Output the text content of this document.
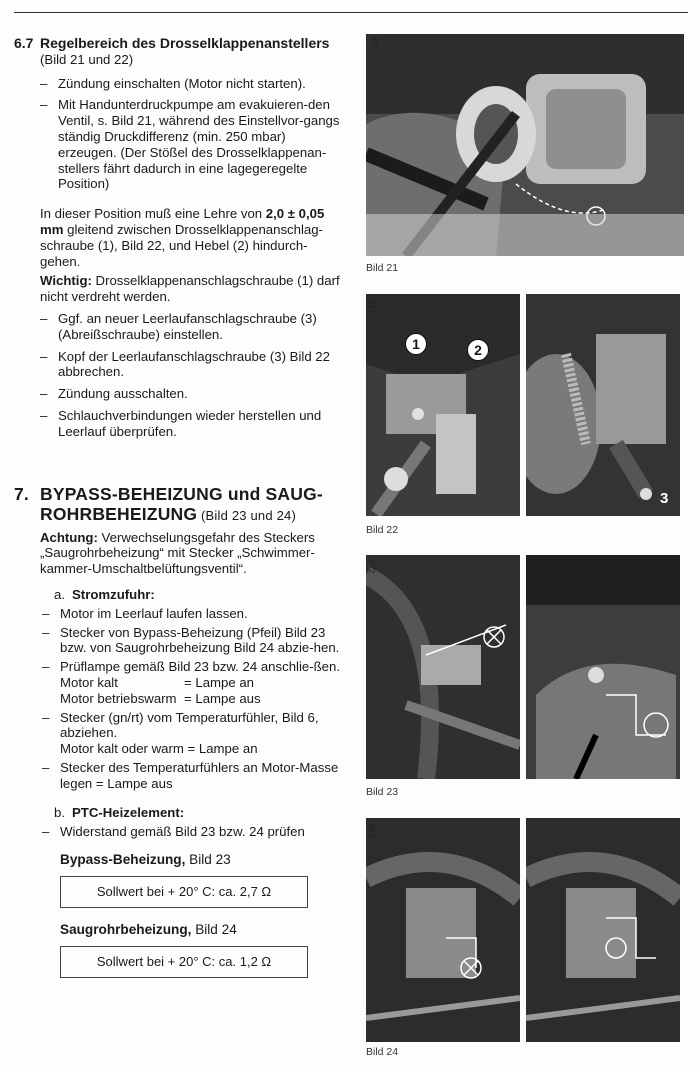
6.7 Regelbereich des Drosselklappenanstellers
(Bild 21 und 22)
– Zündung einschalten (Motor nicht starten).
– Mit Handunterdruckpumpe am evakuieren-den Ventil, s. Bild 21, während des Einstellvor-gangs ständig Druckdifferenz (min. 250 mbar) erzeugen. (Der Stößel des Drosselklappenan-stellers fährt dadurch in eine lagegeregelte Position)
In dieser Position muß eine Lehre von 2,0 ± 0,05 mm gleitend zwischen Drosselklappenanschlag-schraube (1), Bild 22, und Hebel (2) hindurch-gehen.
Wichtig: Drosselklappenanschlagschraube (1) darf nicht verdreht werden.
– Ggf. an neuer Leerlaufanschlagschraube (3) (Abreißschraube) einstellen.
– Kopf der Leerlaufanschlagschraube (3) Bild 22 abbrechen.
– Zündung ausschalten.
– Schlauchverbindungen wieder herstellen und Leerlauf überprüfen.
7. BYPASS-BEHEIZUNG und SAUG-
ROHRBEHEIZUNG (Bild 23 und 24)
Achtung: Verwechselungsgefahr des Steckers „Saugrohrbeheizung“ mit Stecker „Schwimmer-kammer-Umschaltbelüftungsventil“.
a. Stromzufuhr:
– Motor im Leerlauf laufen lassen.
– Stecker von Bypass-Beheizung (Pfeil) Bild 23 bzw. von Saugrohrbeheizung Bild 24 abzie-hen.
– Prüflampe gemäß Bild 23 bzw. 24 anschlie-ßen.
Motor kalt	= Lampe an
Motor betriebswarm = Lampe aus
– Stecker (gn/rt) vom Temperaturfühler, Bild 6, abziehen.
Motor kalt oder warm = Lampe an
– Stecker des Temperaturfühlers an Motor-Masse legen = Lampe aus
b. PTC-Heizelement:
– Widerstand gemäß Bild 23 bzw. 24 prüfen
Bypass-Beheizung, Bild 23
Sollwert bei + 20° C: ca. 2,7 Ω
Saugrohrbeheizung, Bild 24
Sollwert bei + 20° C: ca. 1,2 Ω
970
Bild 21
971
1	2
3
Bild 22
972
Bild 23
973
Bild 24
